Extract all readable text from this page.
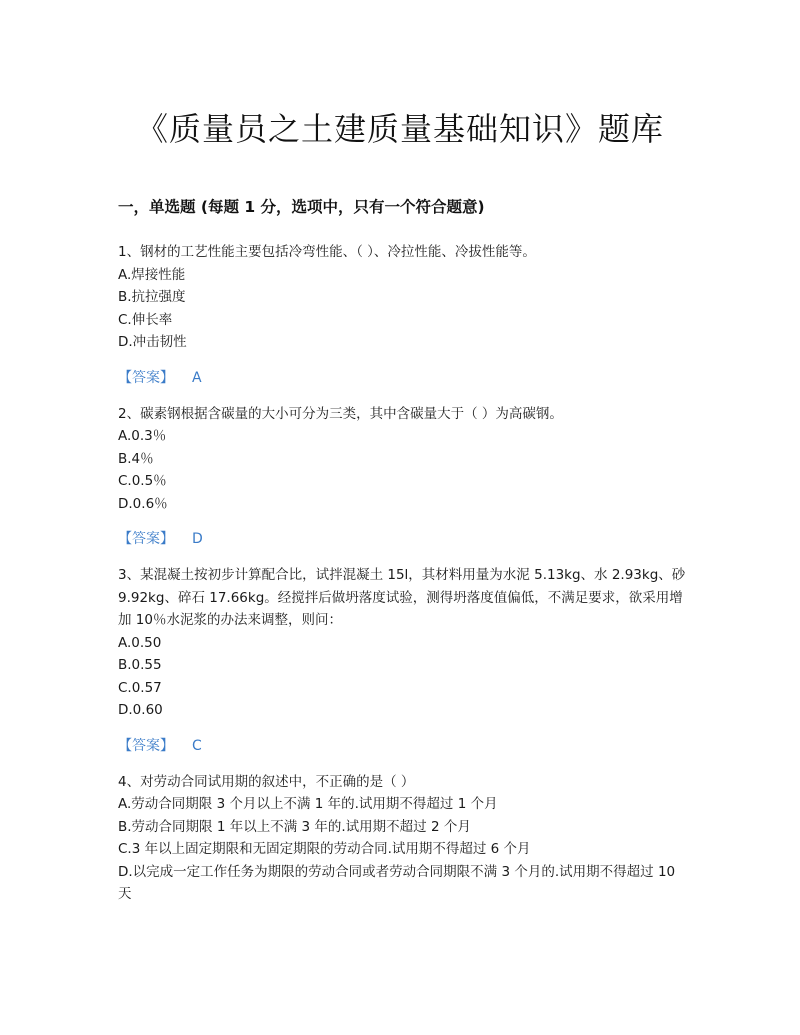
《质量员之土建质量基础知识》题库
一，单选题 (每题 1 分，选项中，只有一个符合题意)

1、钢材的工艺性能主要包括冷弯性能、（ ）、冷拉性能、冷拔性能等。

A.焊接性能

B.抗拉强度

C.伸长率

D.冲击韧性

【答案】 A

2、碳素钢根据含碳量的大小可分为三类，其中含碳量大于（ ）为高碳钢。

A.0.3％

B.4％

C.0.5％

D.0.6％

【答案】 D

3、某混凝土按初步计算配合比，试拌混凝土 15l，其材料用量为水泥 5.13kg、水 2.93kg、砂 9.92kg、碎石 17.66kg。经搅拌后做坍落度试验，测得坍落度值偏低，不满足要求，欲采用增加 10％水泥浆的办法来调整，则问：

A.0.50

B.0.55

C.0.57

D.0.60

【答案】 C

4、对劳动合同试用期的叙述中，不正确的是（ ）

A.劳动合同期限 3 个月以上不满 1 年的.试用期不得超过 1 个月

B.劳动合同期限 1 年以上不满 3 年的.试用期不超过 2 个月

C.3 年以上固定期限和无固定期限的劳动合同.试用期不得超过 6 个月

D.以完成一定工作任务为期限的劳动合同或者劳动合同期限不满 3 个月的.试用期不得超过 10 天
